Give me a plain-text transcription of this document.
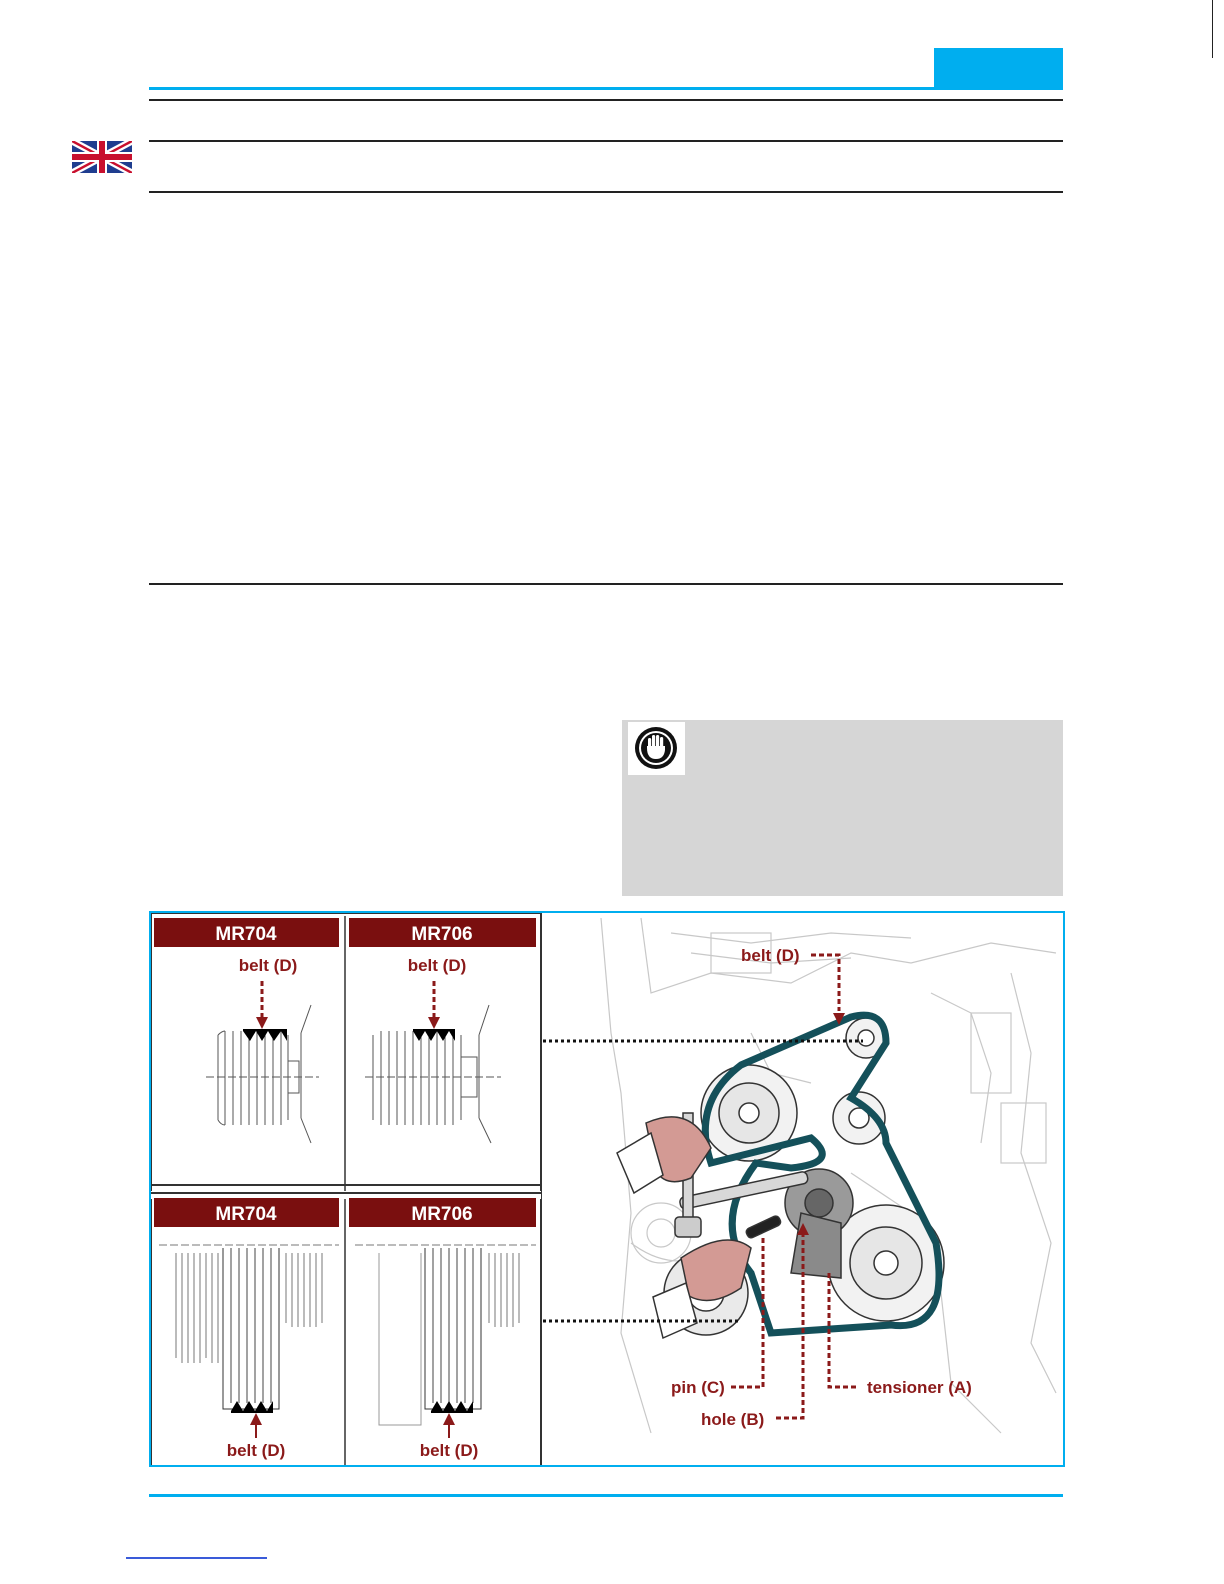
belt (D)
pin (C)
hole (B)
tensioner (A)
MR704	MR706
MR704	MR706
belt (D)	belt (D)
belt (D)	belt (D)
